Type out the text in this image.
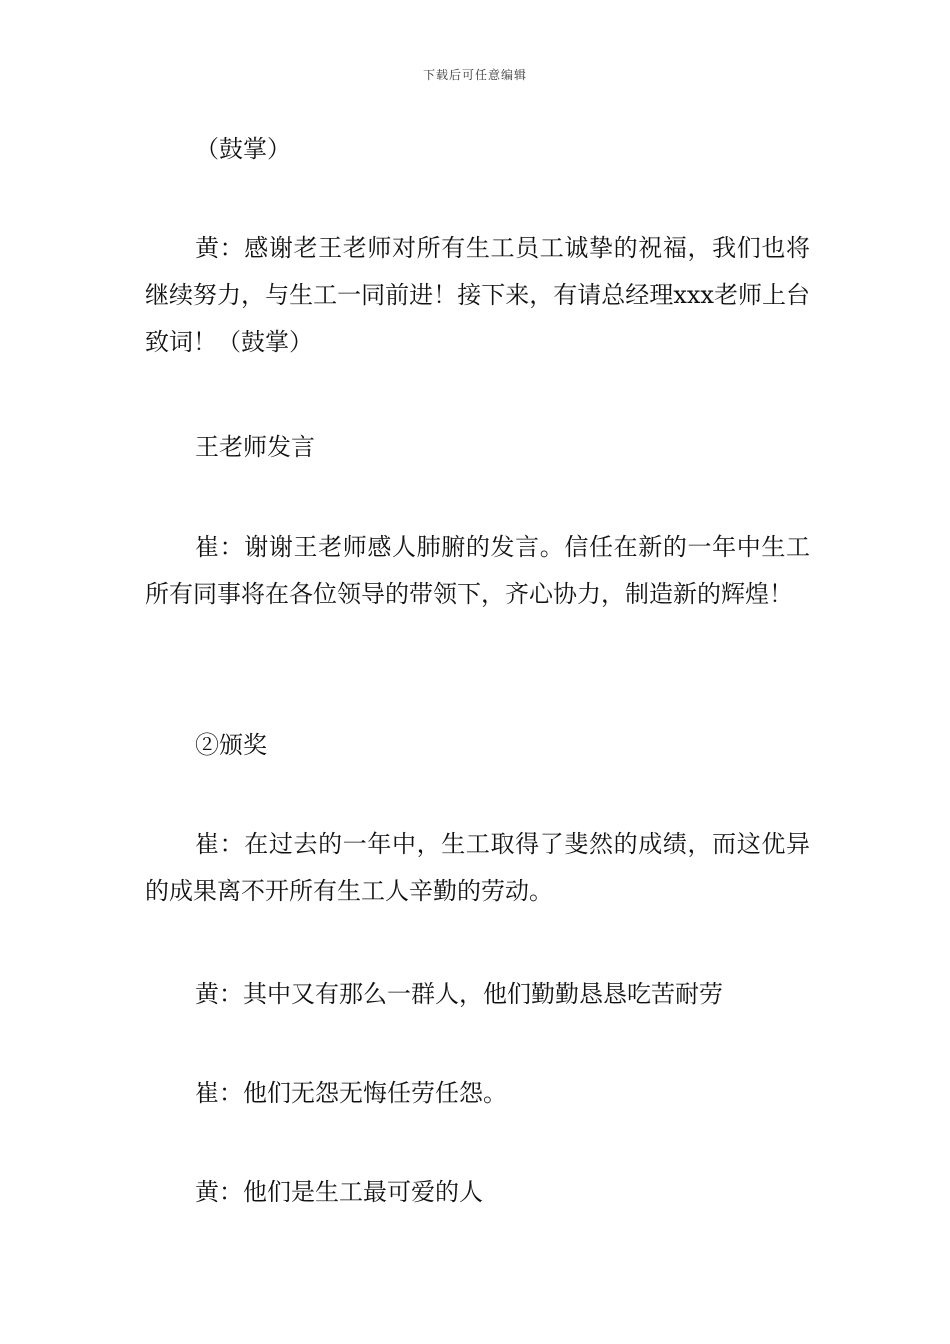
下载后可任意编辑

（鼓掌）

黄：感谢老王老师对所有生工员工诚挚的祝福，我们也将继续努力，与生工一同前进！接下来，有请总经理xxx老师上台致词！（鼓掌）

王老师发言

崔：谢谢王老师感人肺腑的发言。信任在新的一年中生工所有同事将在各位领导的带领下，齐心协力，制造新的辉煌！

②颁奖

崔：在过去的一年中，生工取得了斐然的成绩，而这优异的成果离不开所有生工人辛勤的劳动。

黄：其中又有那么一群人，他们勤勤恳恳吃苦耐劳

崔：他们无怨无悔任劳任怨。

黄：他们是生工最可爱的人
